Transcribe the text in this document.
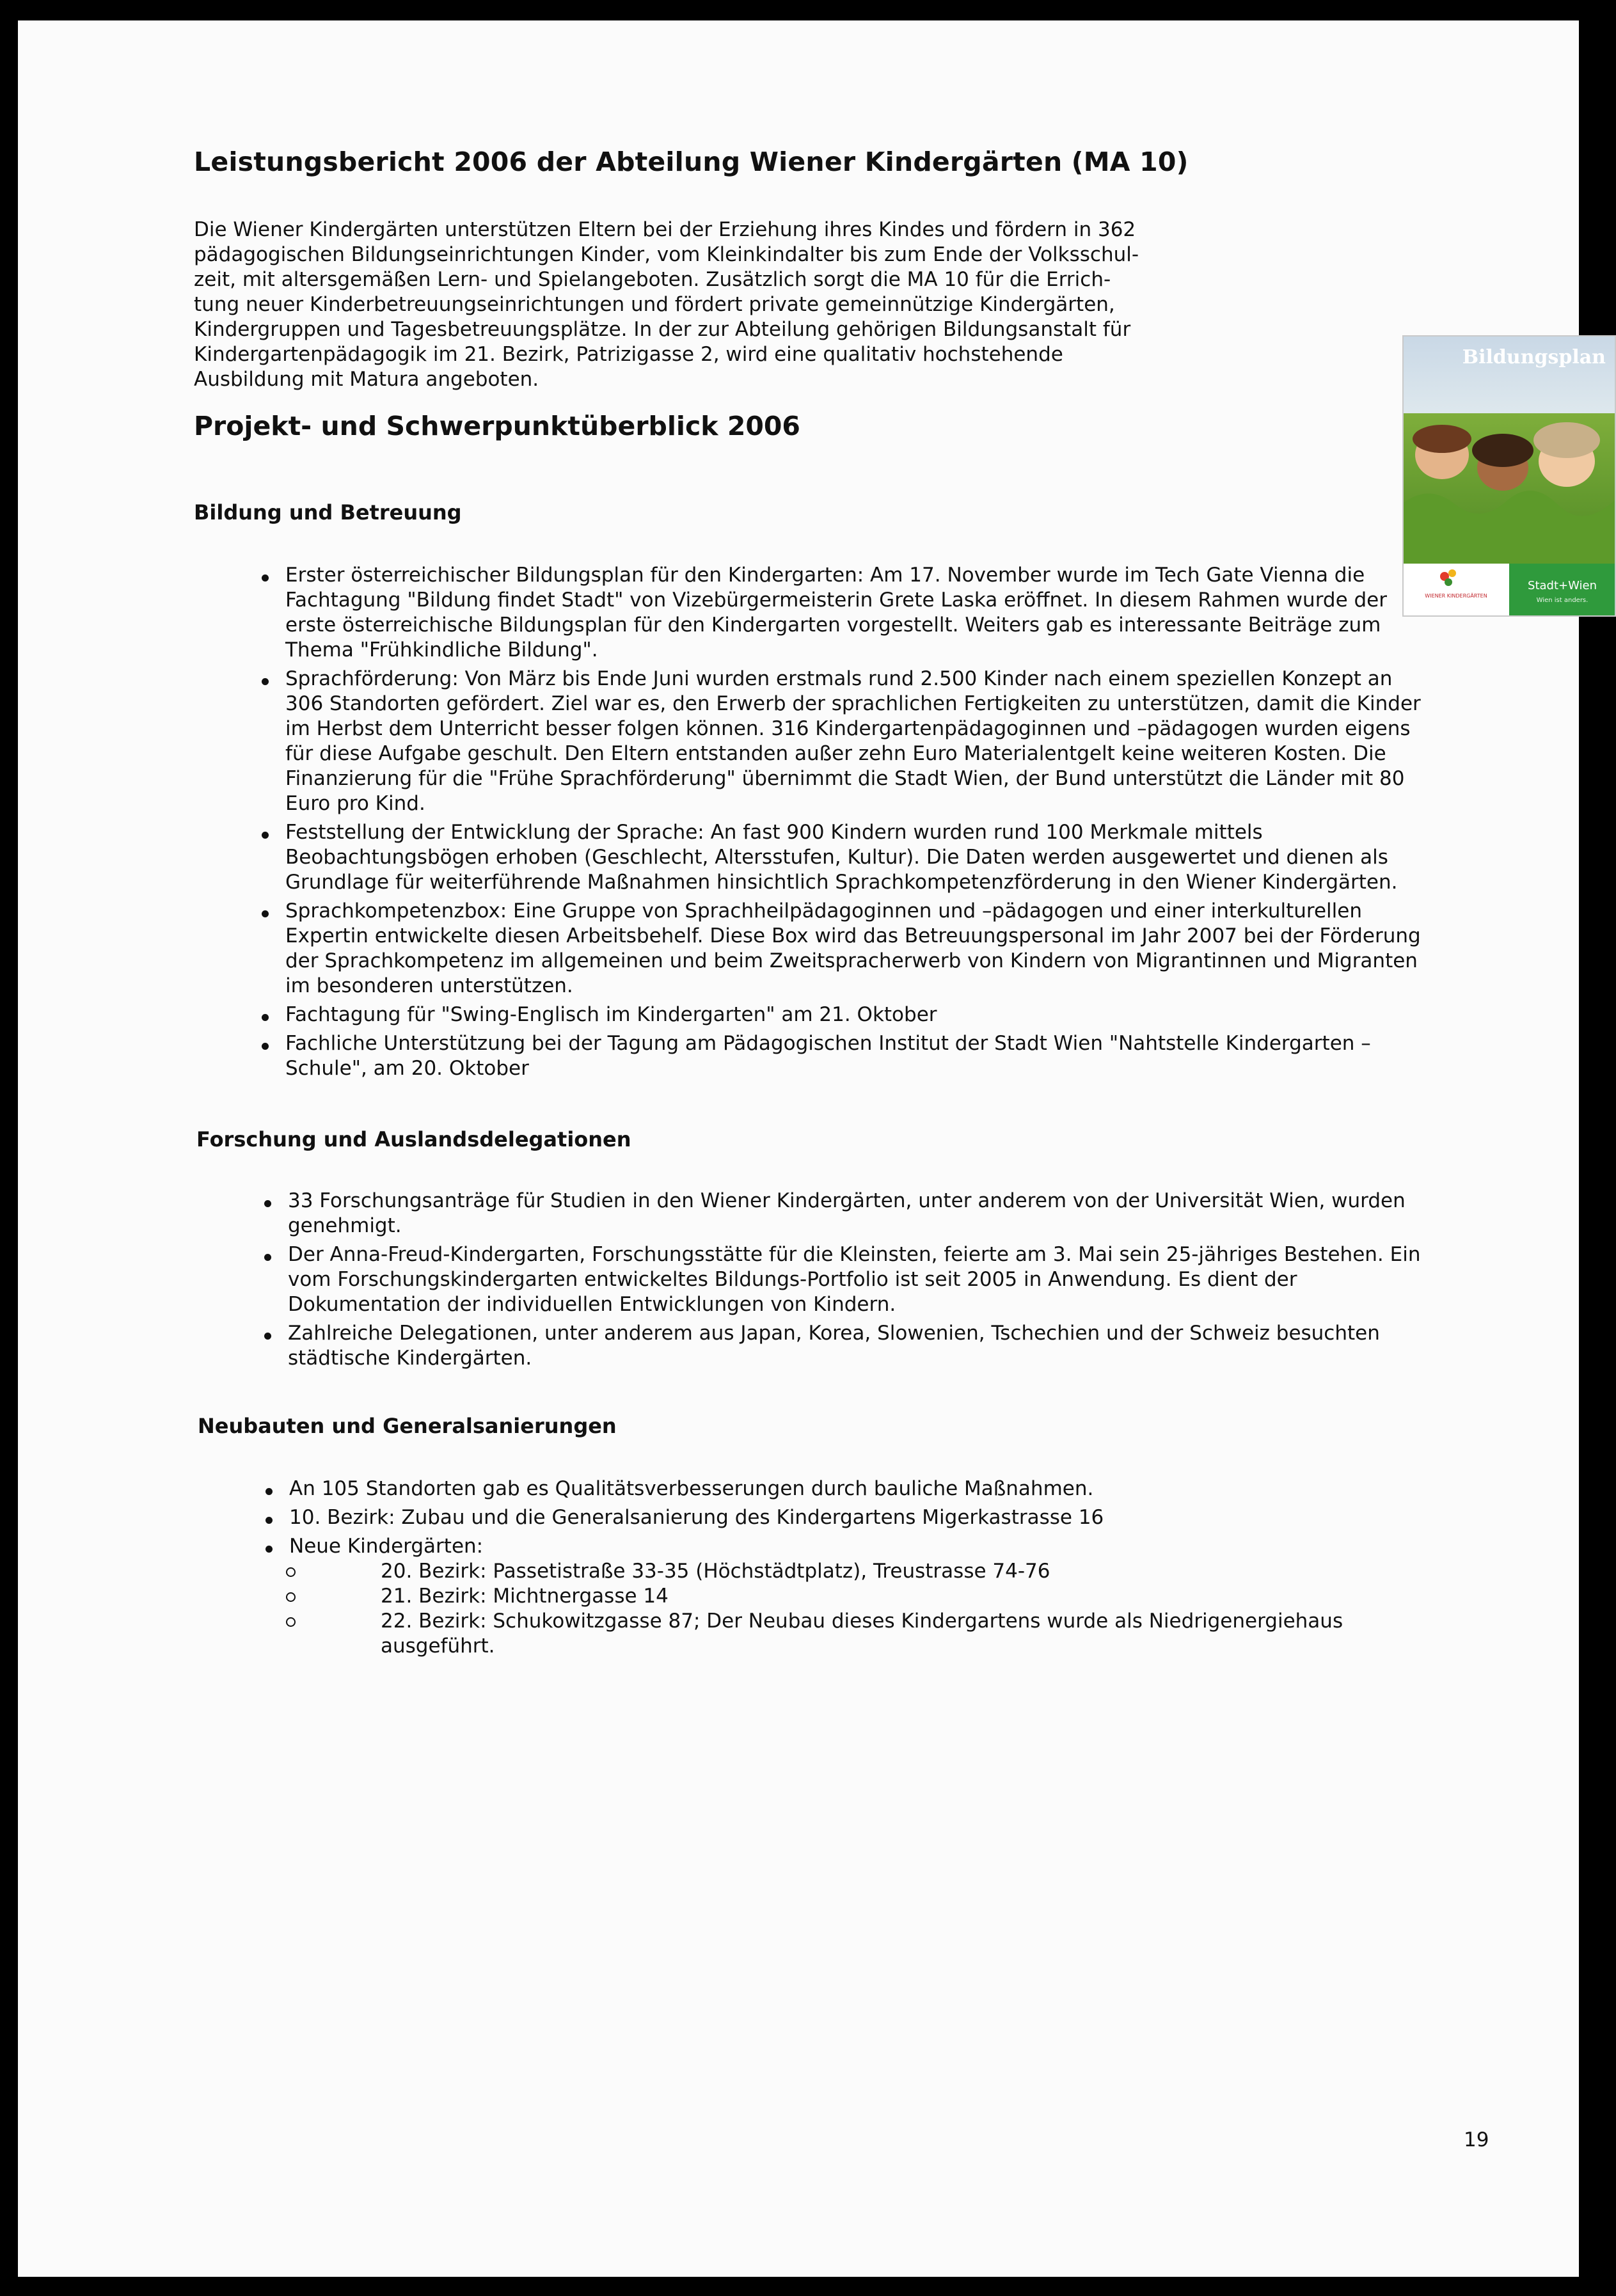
Leistungsbericht 2006 der Abteilung Wiener Kindergärten (MA 10)

Die Wiener Kindergärten unterstützen Eltern bei der Erziehung ihres Kindes und fördern in 362
pädagogischen Bildungseinrichtungen Kinder, vom Kleinkindalter bis zum Ende der Volksschul-
zeit, mit altersgemäßen Lern- und Spielangeboten. Zusätzlich sorgt die MA 10 für die Errich-
tung neuer Kinderbetreuungseinrichtungen und fördert private gemeinnützige Kindergärten,
Kindergruppen und Tagesbetreuungsplätze. In der zur Abteilung gehörigen Bildungsanstalt für
Kindergartenpädagogik im 21. Bezirk, Patrizigasse 2, wird eine qualitativ hochstehende
Ausbildung mit Matura angeboten.

Projekt- und Schwerpunktüberblick 2006
Bildung und Betreuung
Erster österreichischer Bildungsplan für den Kindergarten: Am 17. November wurde im Tech Gate Vienna die
Fachtagung "Bildung findet Stadt" von Vizebürgermeisterin Grete Laska eröffnet. In diesem Rahmen wurde der
erste österreichische Bildungsplan für den Kindergarten vorgestellt. Weiters gab es interessante Beiträge zum
Thema "Frühkindliche Bildung".
Sprachförderung: Von März bis Ende Juni wurden erstmals rund 2.500 Kinder nach einem speziellen Konzept an
306 Standorten gefördert. Ziel war es, den Erwerb der sprachlichen Fertigkeiten zu unterstützen, damit die Kinder
im Herbst dem Unterricht besser folgen können. 316 Kindergartenpädagoginnen und –pädagogen wurden eigens
für diese Aufgabe geschult. Den Eltern entstanden außer zehn Euro Materialentgelt keine weiteren Kosten. Die
Finanzierung für die "Frühe Sprachförderung" übernimmt die Stadt Wien, der Bund unterstützt die Länder mit 80
Euro pro Kind.
Feststellung der Entwicklung der Sprache: An fast 900 Kindern wurden rund 100 Merkmale mittels
Beobachtungsbögen erhoben (Geschlecht, Altersstufen, Kultur). Die Daten werden ausgewertet und dienen als
Grundlage für weiterführende Maßnahmen hinsichtlich Sprachkompetenzförderung in den Wiener Kindergärten.
Sprachkompetenzbox: Eine Gruppe von Sprachheilpädagoginnen und –pädagogen und einer interkulturellen
Expertin entwickelte diesen Arbeitsbehelf. Diese Box wird das Betreuungspersonal im Jahr 2007 bei der Förderung
der Sprachkompetenz im allgemeinen und beim Zweitspracherwerb von Kindern von Migrantinnen und Migranten
im besonderen unterstützen.
Fachtagung für "Swing-Englisch im Kindergarten" am 21. Oktober
Fachliche Unterstützung bei der Tagung am Pädagogischen Institut der Stadt Wien "Nahtstelle Kindergarten –
Schule", am 20. Oktober
Forschung und Auslandsdelegationen
33 Forschungsanträge für Studien in den Wiener Kindergärten, unter anderem von der Universität Wien, wurden
genehmigt.
Der Anna-Freud-Kindergarten, Forschungsstätte für die Kleinsten, feierte am 3. Mai sein 25-jähriges Bestehen. Ein
vom Forschungskindergarten entwickeltes Bildungs-Portfolio ist seit 2005 in Anwendung. Es dient der
Dokumentation der individuellen Entwicklungen von Kindern.
Zahlreiche Delegationen, unter anderem aus Japan, Korea, Slowenien, Tschechien und der Schweiz besuchten
städtische Kindergärten.
Neubauten und Generalsanierungen
An 105 Standorten gab es Qualitätsverbesserungen durch bauliche Maßnahmen.
10. Bezirk: Zubau und die Generalsanierung des Kindergartens Migerkastrasse 16
Neue Kindergärten:
20. Bezirk: Passetistraße 33-35 (Höchstädtplatz), Treustrasse 74-76
21. Bezirk: Michtnergasse 14
22. Bezirk: Schukowitzgasse 87; Der Neubau dieses Kindergartens wurde als Niedrigenergiehaus
ausgeführt.
Bildungsplan
Stadt+Wien
Wien ist anders.
WIENER KINDERGÄRTEN
19
